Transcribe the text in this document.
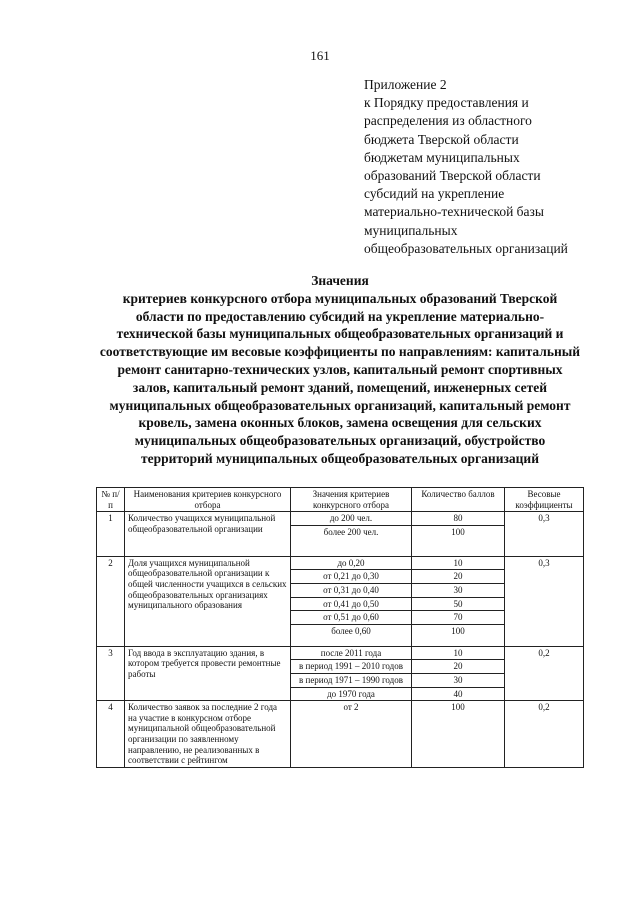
161
Приложение 2
к Порядку предоставления и
распределения из областного
бюджета Тверской области
бюджетам муниципальных
образований Тверской области
субсидий на укрепление
материально-технической базы
муниципальных
общеобразовательных организаций
Значения
критериев конкурсного отбора муниципальных образований Тверской
области по предоставлению субсидий на укрепление материально-
технической базы муниципальных общеобразовательных организаций и
соответствующие им весовые коэффициенты по направлениям: капитальный
ремонт санитарно-технических узлов, капитальный ремонт спортивных
залов, капитальный ремонт зданий, помещений, инженерных сетей
муниципальных общеобразовательных организаций, капитальный ремонт
кровель, замена оконных блоков, замена освещения для сельских
муниципальных общеобразовательных организаций, обустройство
территорий муниципальных общеобразовательных организаций
№ п/п	Наименования критериев конкурсного отбора	Значения критериев конкурсного отбора	Количество баллов	Весовые коэффициенты
1	Количество учащихся муниципальной общеобразовательной организации	до 200 чел.	80	0,3
		более 200 чел.	100	
2	Доля учащихся муниципальной общеобразовательной организации к общей численности учащихся в сельских общеобразовательных организациях муниципального образования	до 0,20	10	0,3
		от 0,21 до 0,30	20	
		от 0,31 до 0,40	30	
		от 0,41 до 0,50	50	
		от 0,51 до 0,60	70	
		более 0,60	100	
3	Год ввода в эксплуатацию здания, в котором требуется провести ремонтные работы	после 2011 года	10	0,2
		в период 1991 – 2010 годов	20	
		в период 1971 – 1990 годов	30	
		до 1970 года	40	
4	Количество заявок за последние 2 года на участие в конкурсном отборе муниципальной общеобразовательной организации по заявленному направлению, не реализованных в соответствии с рейтингом	от 2	100	0,2
